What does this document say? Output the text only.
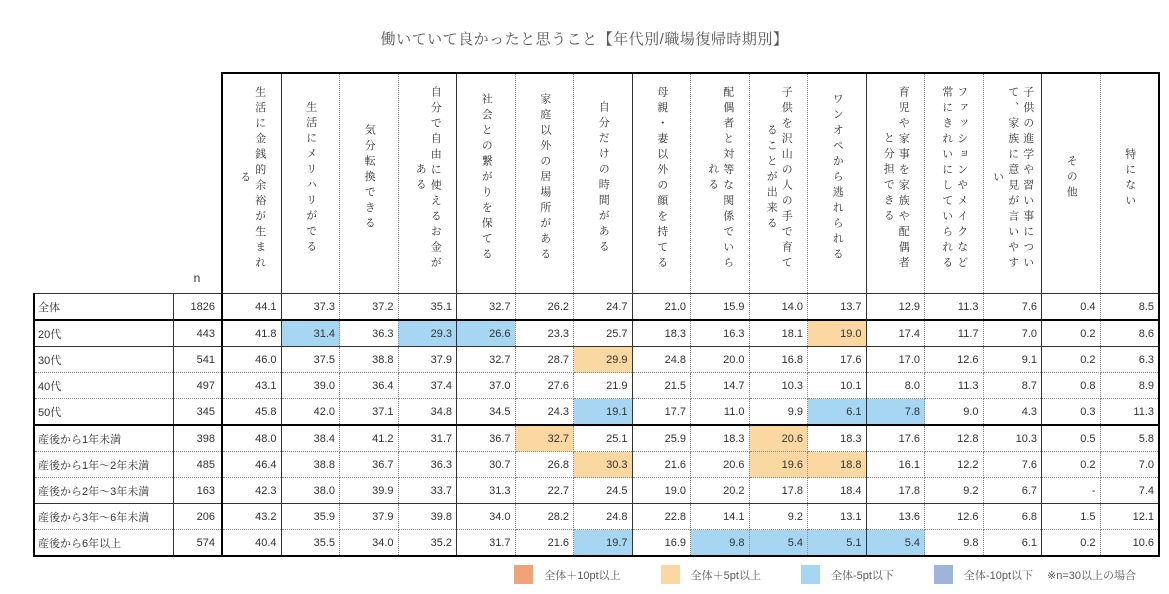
働いていて良かったと思うこと【年代別/職場復帰時期別】
	n	生活に金銭的余裕が生まれる	生活にメリハリがでる	気分転換できる	自分で自由に使えるお金がある	社会との繋がりを保てる	家庭以外の居場所がある	自分だけの時間がある	母親・妻以外の顔を持てる	配偶者と対等な関係でいられる	子供を沢山の人の手で育てることが出来る	ワンオペから逃れられる	育児や家事を家族や配偶者と分担できる	ファッションやメイクなど常にきれいにしていられる	子供の進学や習い事について、家族に意見が言いやすい	その他	特にない

全体	1826	44.1	37.3	37.2	35.1	32.7	26.2	24.7	21.0	15.9	14.0	13.7	12.9	11.3	7.6	0.4	8.5
20代	443	41.8	31.4	36.3	29.3	26.6	23.3	25.7	18.3	16.3	18.1	19.0	17.4	11.7	7.0	0.2	8.6
30代	541	46.0	37.5	38.8	37.9	32.7	28.7	29.9	24.8	20.0	16.8	17.6	17.0	12.6	9.1	0.2	6.3
40代	497	43.1	39.0	36.4	37.4	37.0	27.6	21.9	21.5	14.7	10.3	10.1	8.0	11.3	8.7	0.8	8.9
50代	345	45.8	42.0	37.1	34.8	34.5	24.3	19.1	17.7	11.0	9.9	6.1	7.8	9.0	4.3	0.3	11.3
産後から1年未満	398	48.0	38.4	41.2	31.7	36.7	32.7	25.1	25.9	18.3	20.6	18.3	17.6	12.8	10.3	0.5	5.8
産後から1年～2年未満	485	46.4	38.8	36.7	36.3	30.7	26.8	30.3	21.6	20.6	19.6	18.8	16.1	12.2	7.6	0.2	7.0
産後から2年～3年未満	163	42.3	38.0	39.9	33.7	31.3	22.7	24.5	19.0	20.2	17.8	18.4	17.8	9.2	6.7	-	7.4
産後から3年～6年未満	206	43.2	35.9	37.9	39.8	34.0	28.2	24.8	22.8	14.1	9.2	13.1	13.6	12.6	6.8	1.5	12.1
産後から6年以上	574	40.4	35.5	34.0	35.2	31.7	21.6	19.7	16.9	9.8	5.4	5.1	5.4	9.8	6.1	0.2	10.6
全体＋10pt以上	全体＋5pt以上	全体-5pt以下	全体-10pt以下 ※n=30以上の場合
